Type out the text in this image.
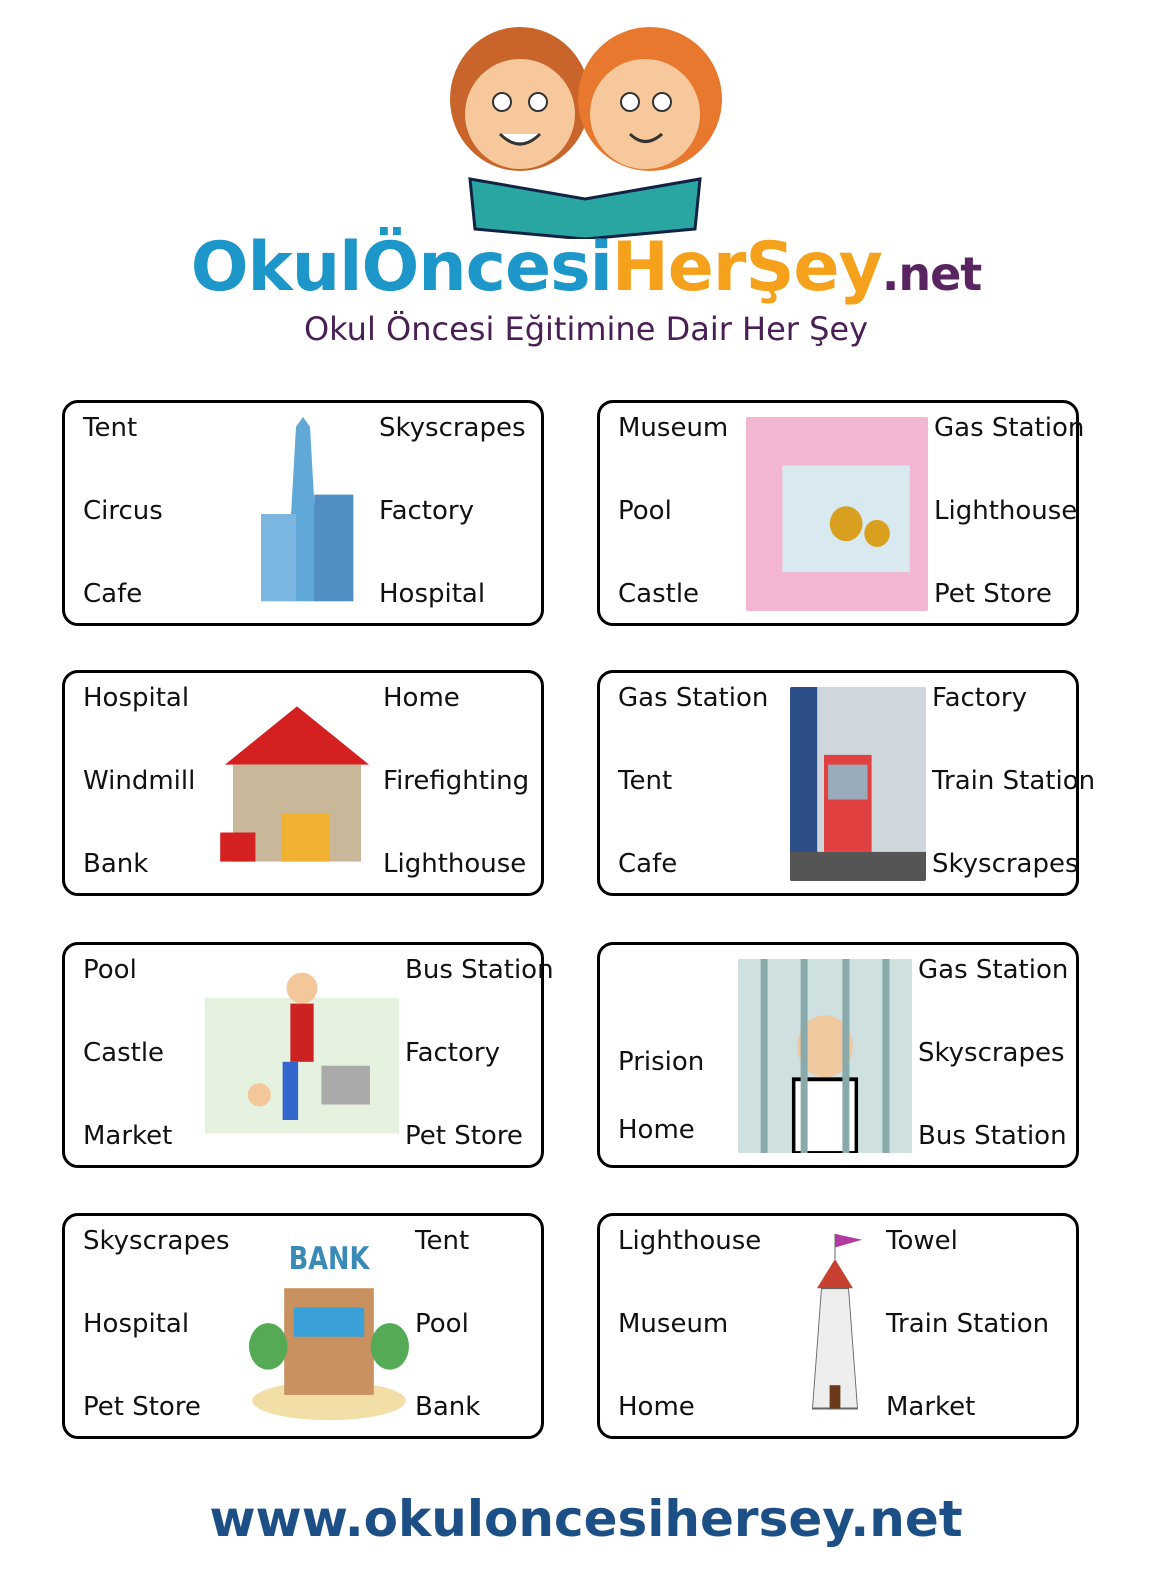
OkulÖncesiHerŞey.net
Okul Öncesi Eğitimine Dair Her Şey
Tent
Circus
Cafe
Skyscrapes
Factory
Hospital
Museum
Pool
Castle
Gas Station
Lighthouse
Pet Store
Hospital
Windmill
Bank
Home
Firefighting
Lighthouse
Gas Station
Tent
Cafe
Factory
Train Station
Skyscrapes
Pool
Castle
Market
Bus Station
Factory
Pet Store
Prision
Home
Gas Station
Skyscrapes
Bus Station
Skyscrapes
Hospital
Pet Store
BANK Tent
Pool
Bank
Lighthouse
Museum
Home
Towel
Train Station
Market
www.okuloncesihersey.net
